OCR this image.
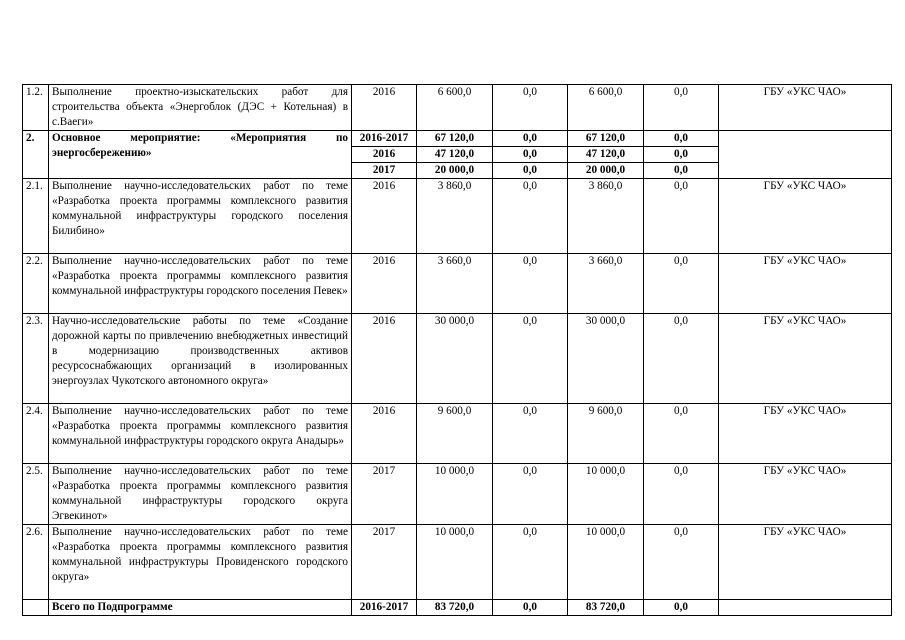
1.2.	Выполнение проектно-изыскательских работ для строительства объекта «Энергоблок (ДЭС + Котельная) в с.Ваеги»	2016	6 600,0	0,0	6 600,0	0,0	ГБУ «УКС ЧАО»
2.	Основное мероприятие: «Мероприятия по энергосбережению»	2016-2017	67 120,0	0,0	67 120,0	0,0	
		2016	47 120,0	0,0	47 120,0	0,0	
		2017	20 000,0	0,0	20 000,0	0,0	
2.1.	Выполнение научно-исследовательских работ по теме «Разработка проекта программы комплексного развития коммунальной инфраструктуры городского поселения Билибино»	2016	3 860,0	0,0	3 860,0	0,0	ГБУ «УКС ЧАО»
2.2.	Выполнение научно-исследовательских работ по теме «Разработка проекта программы комплексного развития коммунальной инфраструктуры городского поселения Певек»	2016	3 660,0	0,0	3 660,0	0,0	ГБУ «УКС ЧАО»
2.3.	Научно-исследовательские работы по теме «Создание дорожной карты по привлечению внебюджетных инвестиций в модернизацию производственных активов ресурсоснабжающих организаций в изолированных энергоузлах Чукотского автономного округа»	2016	30 000,0	0,0	30 000,0	0,0	ГБУ «УКС ЧАО»
2.4.	Выполнение научно-исследовательских работ по теме «Разработка проекта программы комплексного развития коммунальной инфраструктуры городского округа Анадырь»	2016	9 600,0	0,0	9 600,0	0,0	ГБУ «УКС ЧАО»
2.5.	Выполнение научно-исследовательских работ по теме «Разработка проекта программы комплексного развития коммунальной инфраструктуры городского округа Эгвекинот»	2017	10 000,0	0,0	10 000,0	0,0	ГБУ «УКС ЧАО»
2.6.	Выполнение научно-исследовательских работ по теме «Разработка проекта программы комплексного развития коммунальной инфраструктуры Провиденского городского округа»	2017	10 000,0	0,0	10 000,0	0,0	ГБУ «УКС ЧАО»
	Всего по Подпрограмме	2016-2017	83 720,0	0,0	83 720,0	0,0	
